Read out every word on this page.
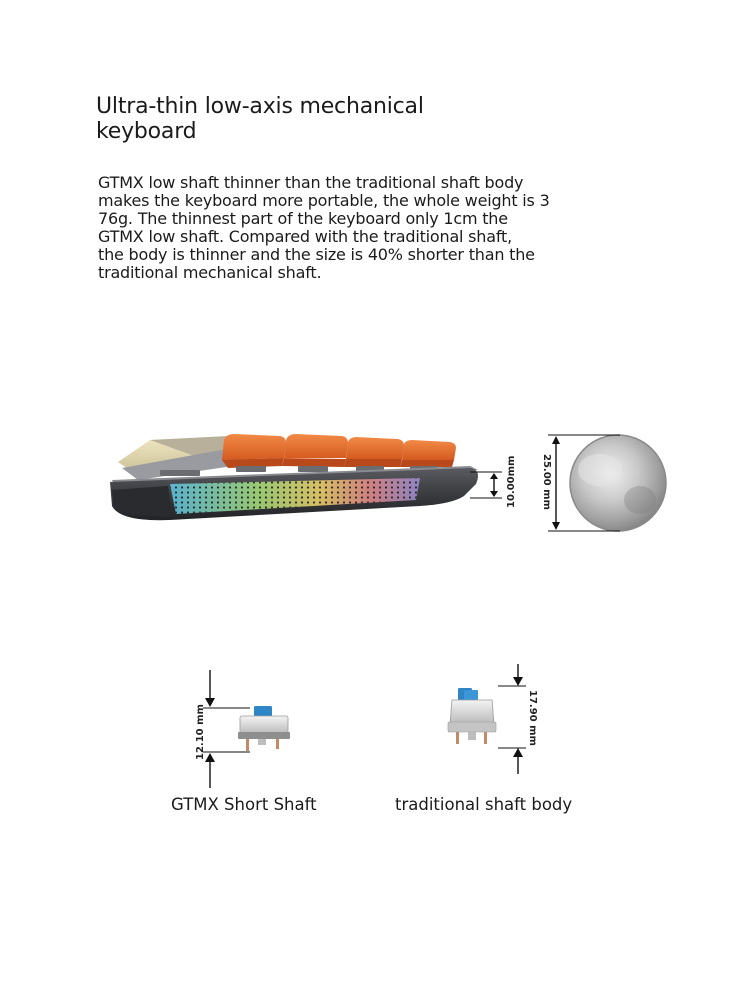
Ultra-thin low-axis mechanical
keyboard

GTMX low shaft thinner than the traditional shaft body
makes the keyboard more portable, the whole weight is 3
76g. The thinnest part of the keyboard only 1cm the
GTMX low shaft. Compared with the traditional shaft,
the body is thinner and the size is 40% shorter than the
traditional mechanical shaft.

10.00mm 25.00 mm
12.10 mm	17.90 mm
GTMX Short Shaft	traditional shaft body
